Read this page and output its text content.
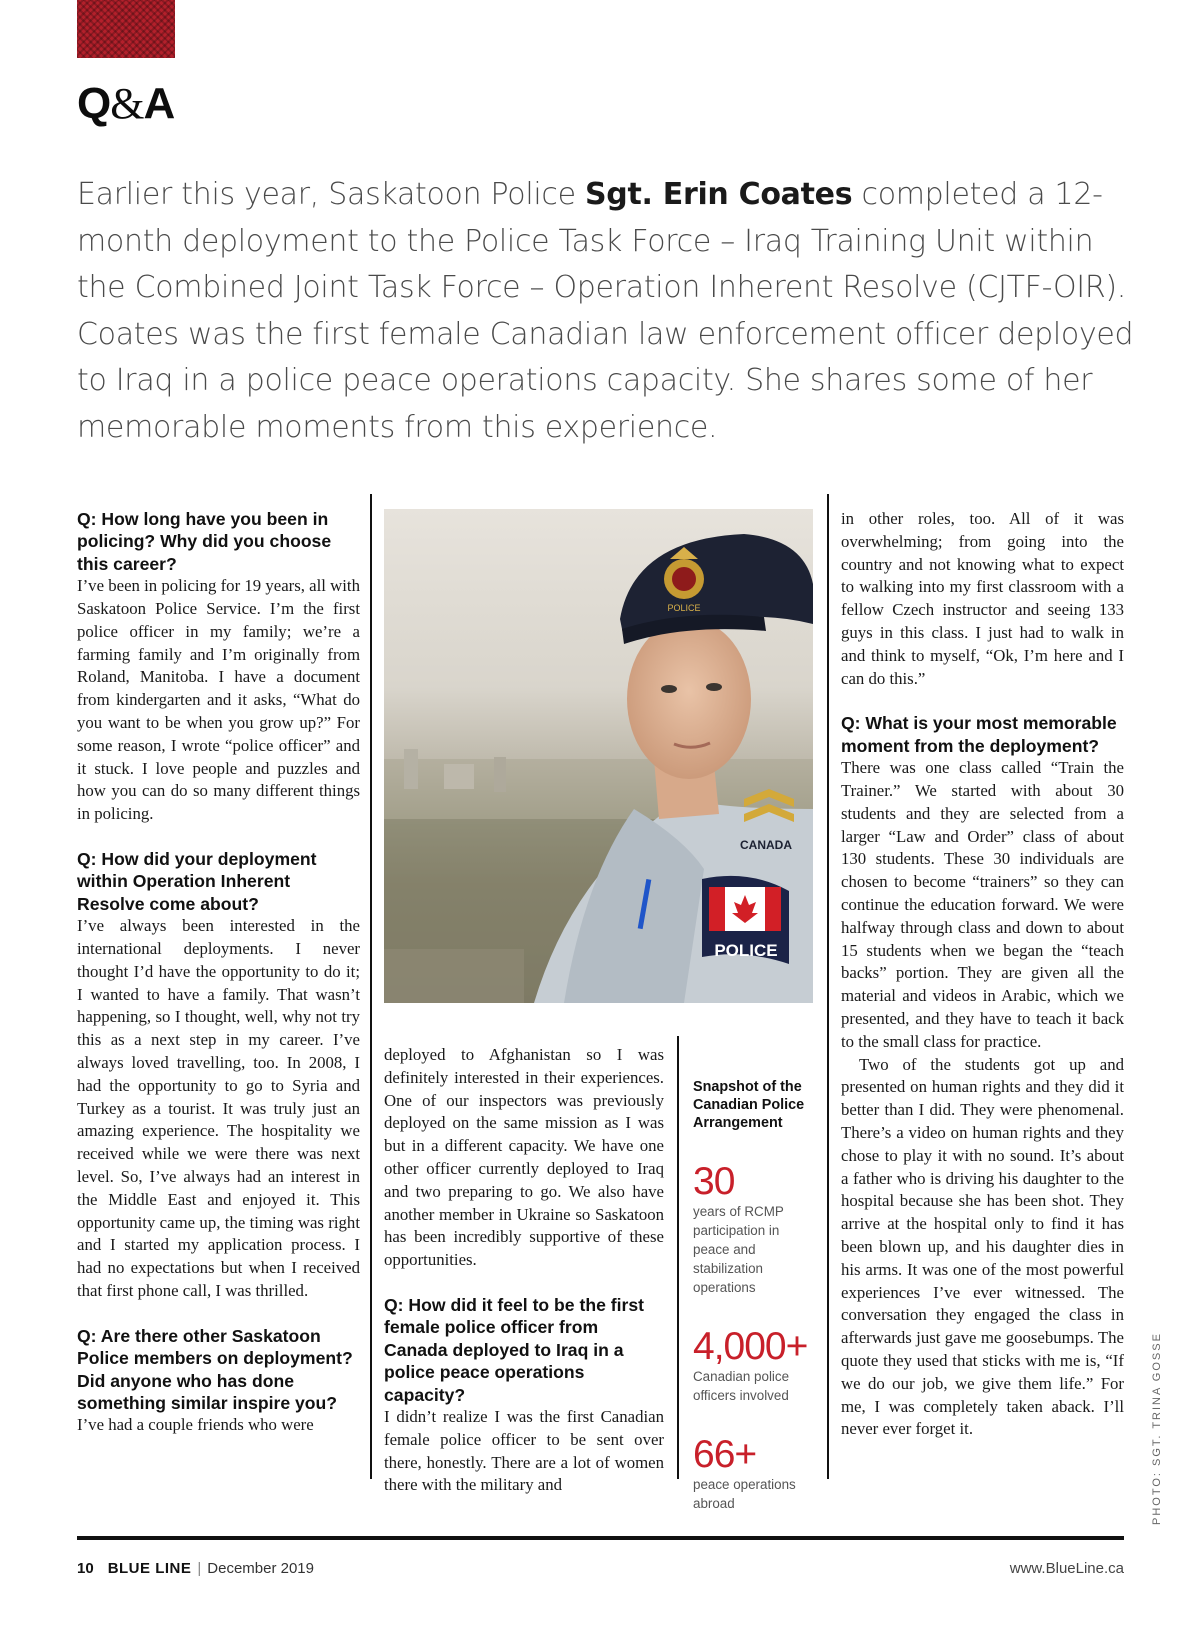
Q&A

Earlier this year, Saskatoon Police Sgt. Erin Coates completed a 12-month deployment to the Police Task Force – Iraq Training Unit within the Combined Joint Task Force – Operation Inherent Resolve (CJTF-OIR). Coates was the first female Canadian law enforcement officer deployed to Iraq in a police peace operations capacity. She shares some of her memorable moments from this experience.

Q: How long have you been in policing? Why did you choose this career?

I’ve been in policing for 19 years, all with Saskatoon Police Service. I’m the first police officer in my family; we’re a farming family and I’m originally from Roland, Manitoba. I have a document from kindergarten and it asks, “What do you want to be when you grow up?” For some reason, I wrote “police officer” and it stuck. I love people and puzzles and how you can do so many different things in policing.

Q: How did your deployment within Operation Inherent Resolve come about?

I’ve always been interested in the international deployments. I never thought I’d have the opportunity to do it; I wanted to have a family. That wasn’t happening, so I thought, well, why not try this as a next step in my career. I’ve always loved travelling, too. In 2008, I had the opportunity to go to Syria and Turkey as a tourist. It was truly just an amazing experience. The hospitality we received while we were there was next level. So, I’ve always had an interest in the Middle East and enjoyed it. This opportunity came up, the timing was right and I started my application process. I had no expectations but when I received that first phone call, I was thrilled.

Q: Are there other Saskatoon Police members on deployment? Did anyone who has done something similar inspire you?

I’ve had a couple friends who were

POLICE
CANADA
POLICE

deployed to Afghanistan so I was definitely interested in their experiences. One of our inspectors was previously deployed on the same mission as I was but in a different capacity. We have one other officer currently deployed to Iraq and two preparing to go. We also have another member in Ukraine so Saskatoon has been incredibly supportive of these opportunities.

Q: How did it feel to be the first female police officer from Canada deployed to Iraq in a police peace operations capacity?

I didn’t realize I was the first Canadian female police officer to be sent over there, honestly. There are a lot of women there with the military and

Snapshot of the Canadian Police Arrangement

30

years of RCMP participation in peace and stabilization operations

4,000+

Canadian police officers involved

66+

peace operations abroad

in other roles, too. All of it was overwhelming; from going into the country and not knowing what to expect to walking into my first classroom with a fellow Czech instructor and seeing 133 guys in this class. I just had to walk in and think to myself, “Ok, I’m here and I can do this.”

Q: What is your most memorable moment from the deployment?

There was one class called “Train the Trainer.” We started with about 30 students and they are selected from a larger “Law and Order” class of about 130 students. These 30 individuals are chosen to become “trainers” so they can continue the education forward. We were halfway through class and down to about 15 students when we began the “teach backs” portion. They are given all the material and videos in Arabic, which we presented, and they have to teach it back to the small class for practice.

Two of the students got up and presented on human rights and they did it better than I did. They were phenomenal. There’s a video on human rights and they chose to play it with no sound. It’s about a father who is driving his daughter to the hospital because she has been shot. They arrive at the hospital only to find it has been blown up, and his daughter dies in his arms. It was one of the most powerful experiences I’ve ever witnessed. The conversation they engaged the class in afterwards just gave me goosebumps. The quote they used that sticks with me is, “If we do our job, we give them life.” For me, I was completely taken aback. I’ll never ever forget it.	PHOTO: SGT. TRINA GOSSE

10 BLUE LINE | December 2019	www.BlueLine.ca
